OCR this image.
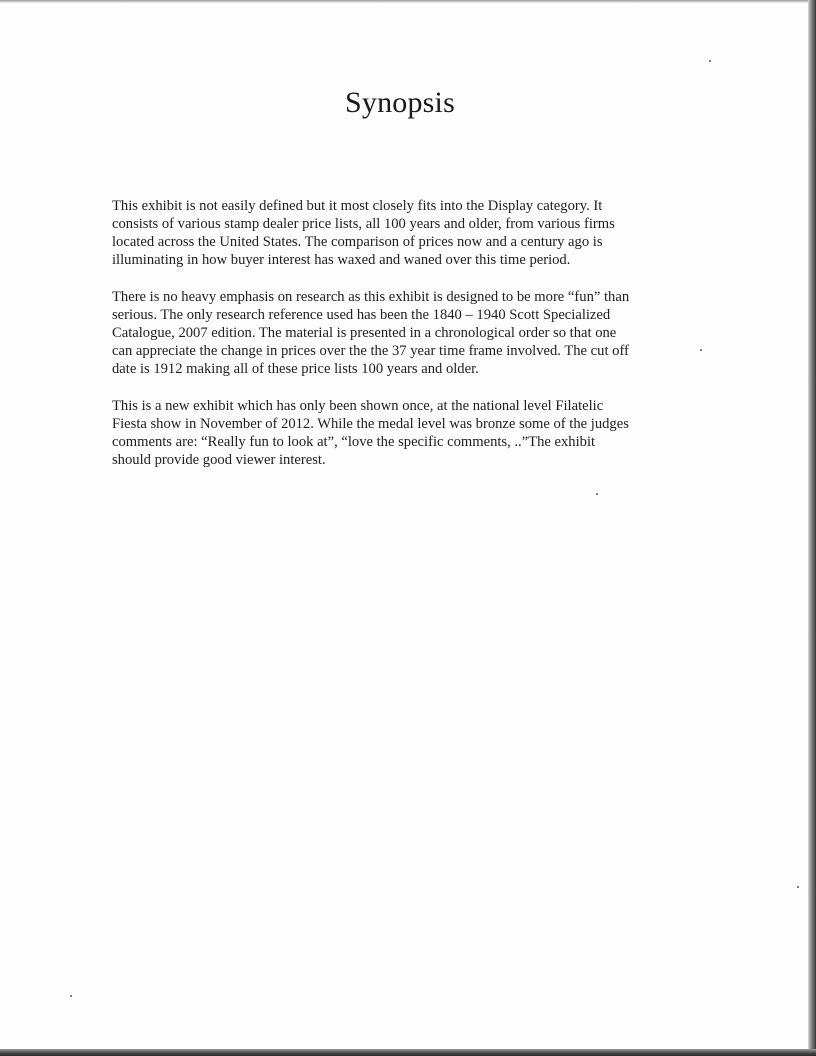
Synopsis
This exhibit is not easily defined but it most closely fits into the Display category. It
consists of various stamp dealer price lists, all 100 years and older, from various firms
located across the United States. The comparison of prices now and a century ago is
illuminating in how buyer interest has waxed and waned over this time period.
There is no heavy emphasis on research as this exhibit is designed to be more “fun” than
serious. The only research reference used has been the 1840 – 1940 Scott Specialized
Catalogue, 2007 edition. The material is presented in a chronological order so that one
can appreciate the change in prices over the the 37 year time frame involved. The cut off
date is 1912 making all of these price lists 100 years and older.
This is a new exhibit which has only been shown once, at the national level Filatelic
Fiesta show in November of 2012. While the medal level was bronze some of the judges
comments are: “Really fun to look at”, “love the specific comments, ..”The exhibit
should provide good viewer interest.
